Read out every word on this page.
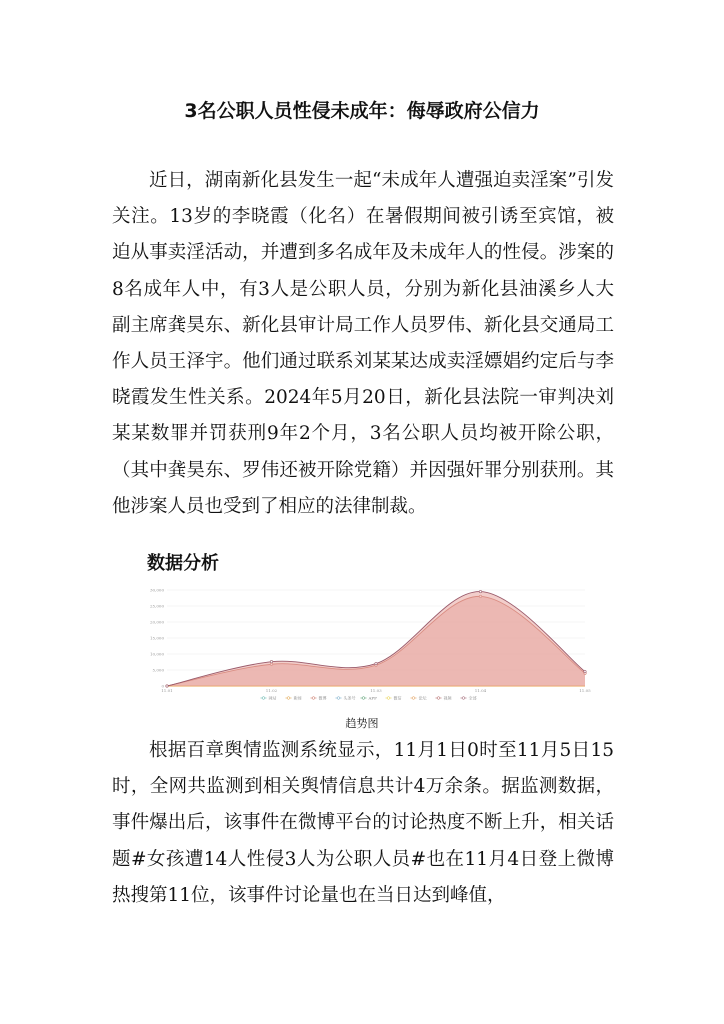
3名公职人员性侵未成年：侮辱政府公信力

近日，湖南新化县发生一起“未成年人遭强迫卖淫案”引发关注。13岁的李晓霞（化名）在暑假期间被引诱至宾馆，被迫从事卖淫活动，并遭到多名成年及未成年人的性侵。涉案的8名成年人中，有3人是公职人员，分别为新化县油溪乡人大副主席龚昊东、新化县审计局工作人员罗伟、新化县交通局工作人员王泽宇。他们通过联系刘某某达成卖淫嫖娼约定后与李晓霞发生性关系。2024年5月20日，新化县法院一审判决刘某某数罪并罚获刑9年2个月，3名公职人员均被开除公职，（其中龚昊东、罗伟还被开除党籍）并因强奸罪分别获刑。其他涉案人员也受到了相应的法律制裁。

数据分析
0
5,000
10,000
15,000
20,000
25,000
30,000
11.01	11.02	11.03	11.04	11.05
网站	新闻	微博	头条号	APP	微信	论坛	视频	全部
趋势图

根据百章舆情监测系统显示，11月1日0时至11月5日15时，全网共监测到相关舆情信息共计4万余条。据监测数据，事件爆出后，该事件在微博平台的讨论热度不断上升，相关话题#女孩遭14人性侵3人为公职人员#也在11月4日登上微博热搜第11位，该事件讨论量也在当日达到峰值，
